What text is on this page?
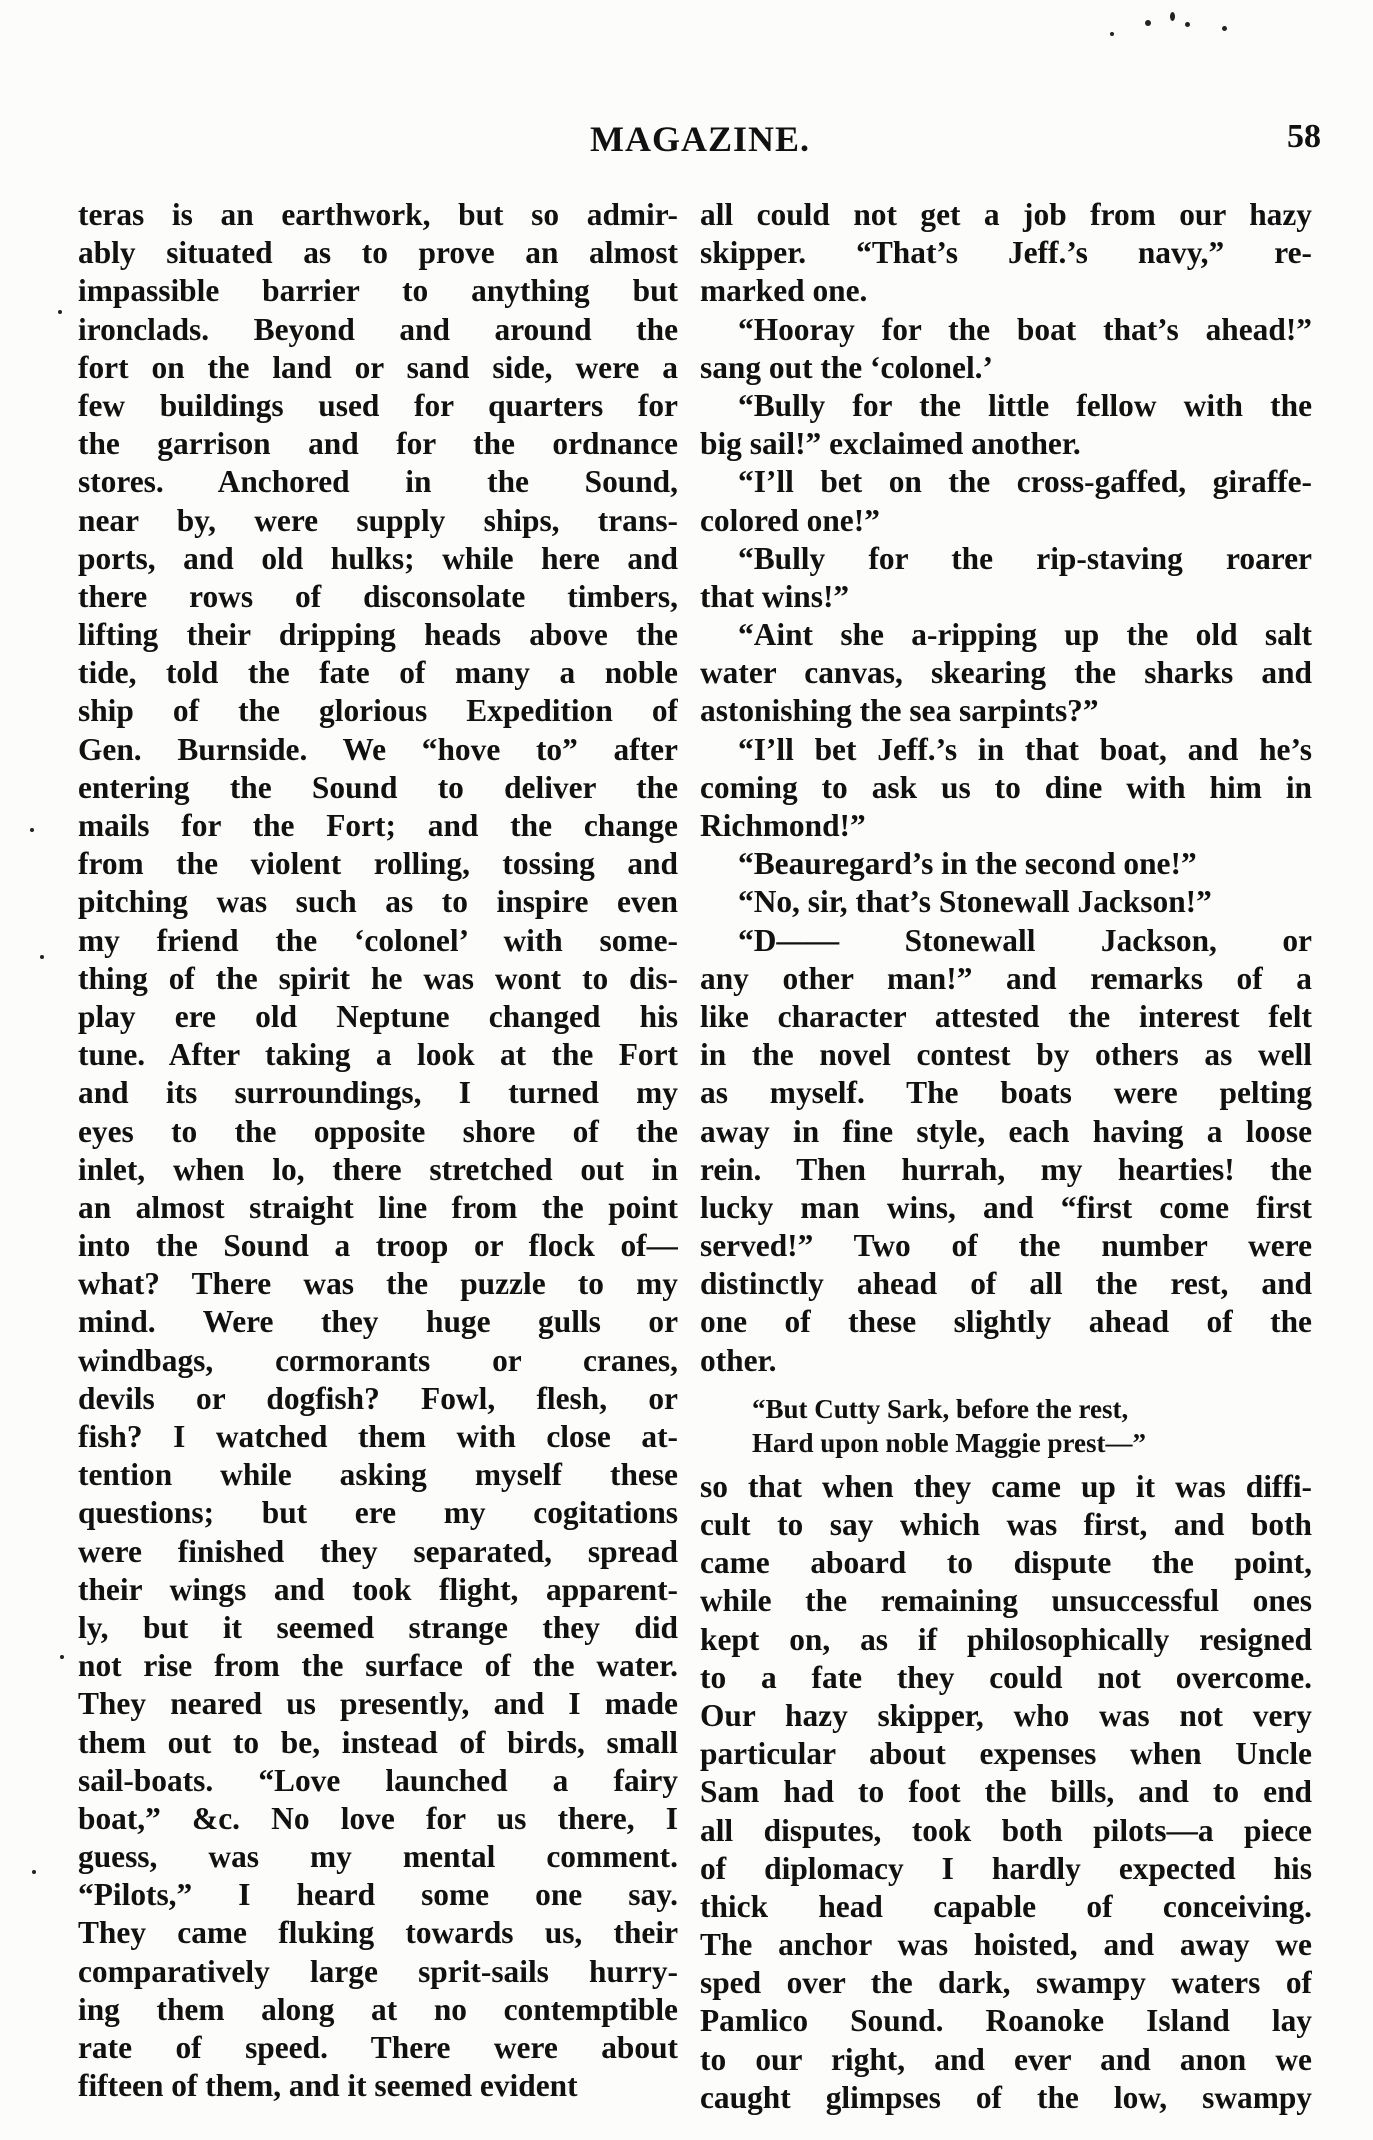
MAGAZINE.	58
teras is an earthwork, but so admir-
ably situated as to prove an almost
impassible barrier to anything but
ironclads. Beyond and around the
fort on the land or sand side, were a
few buildings used for quarters for
the garrison and for the ordnance
stores. Anchored in the Sound,
near by, were supply ships, trans-
ports, and old hulks; while here and
there rows of disconsolate timbers,
lifting their dripping heads above the
tide, told the fate of many a noble
ship of the glorious Expedition of
Gen. Burnside. We “hove to” after
entering the Sound to deliver the
mails for the Fort; and the change
from the violent rolling, tossing and
pitching was such as to inspire even
my friend the ‘colonel’ with some-
thing of the spirit he was wont to dis-
play ere old Neptune changed his
tune. After taking a look at the Fort
and its surroundings, I turned my
eyes to the opposite shore of the
inlet, when lo, there stretched out in
an almost straight line from the point
into the Sound a troop or flock of—
what? There was the puzzle to my
mind. Were they huge gulls or
windbags, cormorants or cranes,
devils or dogfish? Fowl, flesh, or
fish? I watched them with close at-
tention while asking myself these
questions; but ere my cogitations
were finished they separated, spread
their wings and took flight, apparent-
ly, but it seemed strange they did
not rise from the surface of the water.
They neared us presently, and I made
them out to be, instead of birds, small
sail-boats. “Love launched a fairy
boat,” &c. No love for us there, I
guess, was my mental comment.
“Pilots,” I heard some one say.
They came fluking towards us, their
comparatively large sprit-sails hurry-
ing them along at no contemptible
rate of speed. There were about
fifteen of them, and it seemed evident
all could not get a job from our hazy
skipper. “That’s Jeff.’s navy,” re-
marked one.
“Hooray for the boat that’s ahead!”
sang out the ‘colonel.’
“Bully for the little fellow with the
big sail!” exclaimed another.
“I’ll bet on the cross-gaffed, giraffe-
colored one!”
“Bully for the rip-staving roarer
that wins!”
“Aint she a-ripping up the old salt
water canvas, skearing the sharks and
astonishing the sea sarpints?”
“I’ll bet Jeff.’s in that boat, and he’s
coming to ask us to dine with him in
Richmond!”
“Beauregard’s in the second one!”
“No, sir, that’s Stonewall Jackson!”
“D—— Stonewall Jackson, or
any other man!” and remarks of a
like character attested the interest felt
in the novel contest by others as well
as myself. The boats were pelting
away in fine style, each having a loose
rein. Then hurrah, my hearties! the
lucky man wins, and “first come first
served!” Two of the number were
distinctly ahead of all the rest, and
one of these slightly ahead of the
other.
“But Cutty Sark, before the rest,
Hard upon noble Maggie prest—”
so that when they came up it was diffi-
cult to say which was first, and both
came aboard to dispute the point,
while the remaining unsuccessful ones
kept on, as if philosophically resigned
to a fate they could not overcome.
Our hazy skipper, who was not very
particular about expenses when Uncle
Sam had to foot the bills, and to end
all disputes, took both pilots—a piece
of diplomacy I hardly expected his
thick head capable of conceiving.
The anchor was hoisted, and away we
sped over the dark, swampy waters of
Pamlico Sound. Roanoke Island lay
to our right, and ever and anon we
caught glimpses of the low, swampy
